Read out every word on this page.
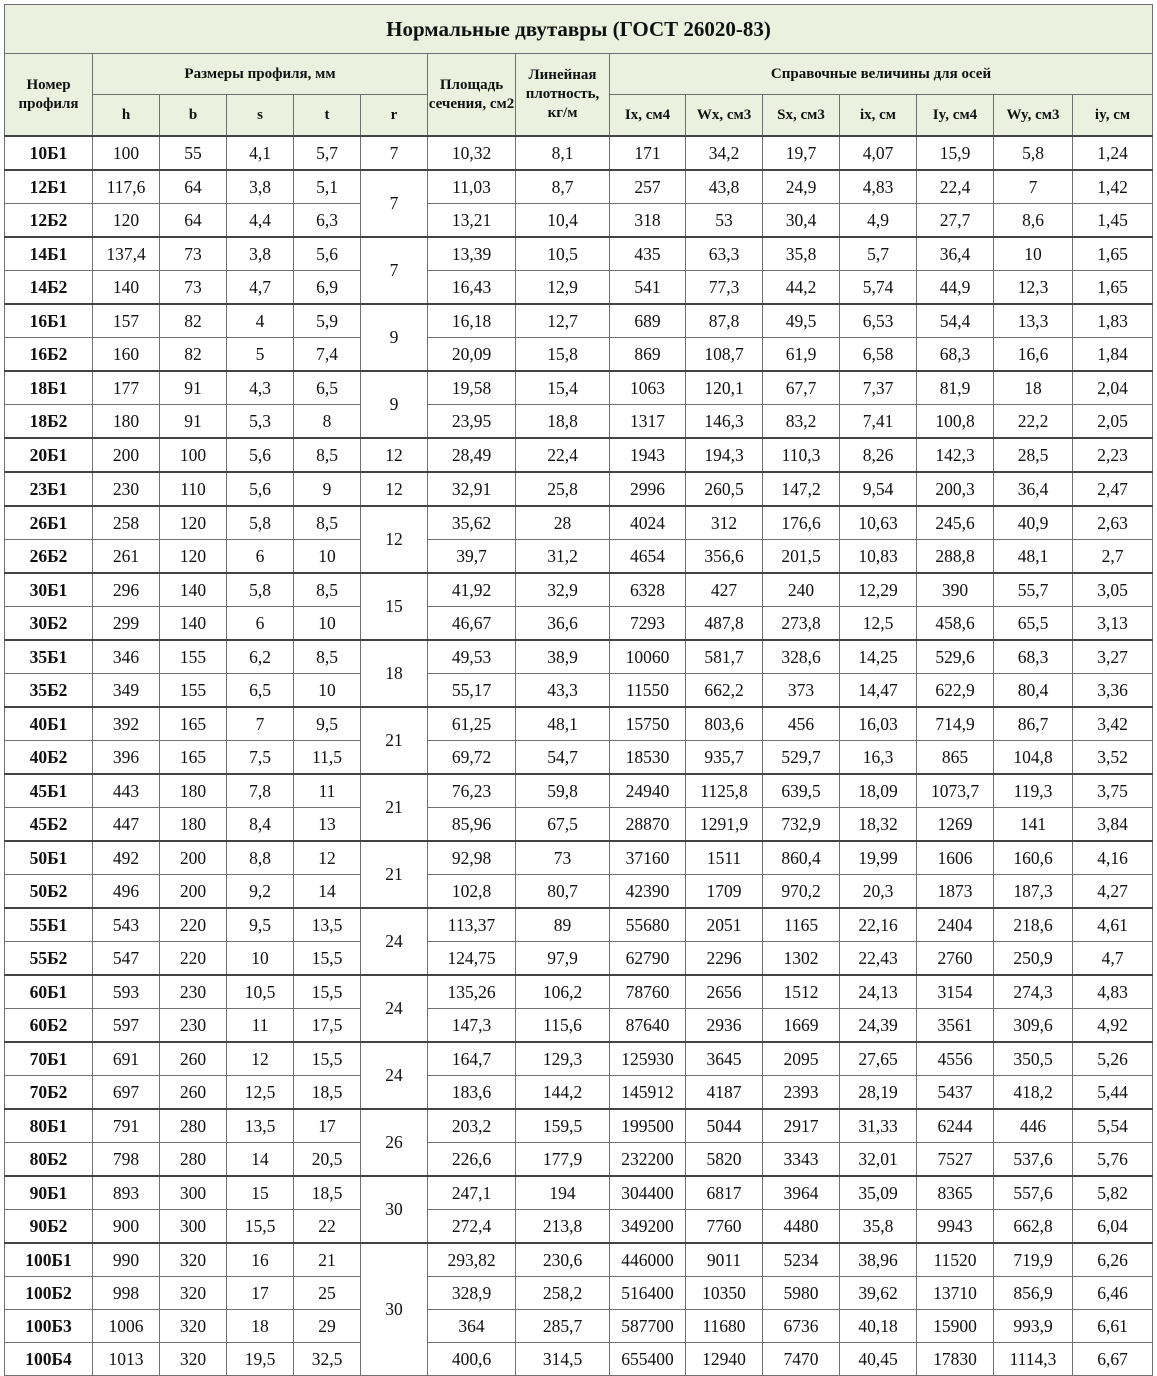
Нормальные двутавры (ГОСТ 26020-83)														
Номер профиля	Размеры профиля, мм					Площадь сечения, см2	Линейная плотность, кг/м	Справочные величины для осей						
	h	b	s	t	r			Ix, см4	Wx, см3	Sx, см3	ix, см	Iy, см4	Wy, см3	iy, см
10Б1	100	55	4,1	5,7	7	10,32	8,1	171	34,2	19,7	4,07	15,9	5,8	1,24
12Б1	117,6	64	3,8	5,1	7	11,03	8,7	257	43,8	24,9	4,83	22,4	7	1,42
12Б2	120	64	4,4	6,3		13,21	10,4	318	53	30,4	4,9	27,7	8,6	1,45
14Б1	137,4	73	3,8	5,6	7	13,39	10,5	435	63,3	35,8	5,7	36,4	10	1,65
14Б2	140	73	4,7	6,9		16,43	12,9	541	77,3	44,2	5,74	44,9	12,3	1,65
16Б1	157	82	4	5,9	9	16,18	12,7	689	87,8	49,5	6,53	54,4	13,3	1,83
16Б2	160	82	5	7,4		20,09	15,8	869	108,7	61,9	6,58	68,3	16,6	1,84
18Б1	177	91	4,3	6,5	9	19,58	15,4	1063	120,1	67,7	7,37	81,9	18	2,04
18Б2	180	91	5,3	8		23,95	18,8	1317	146,3	83,2	7,41	100,8	22,2	2,05
20Б1	200	100	5,6	8,5	12	28,49	22,4	1943	194,3	110,3	8,26	142,3	28,5	2,23
23Б1	230	110	5,6	9	12	32,91	25,8	2996	260,5	147,2	9,54	200,3	36,4	2,47
26Б1	258	120	5,8	8,5	12	35,62	28	4024	312	176,6	10,63	245,6	40,9	2,63
26Б2	261	120	6	10		39,7	31,2	4654	356,6	201,5	10,83	288,8	48,1	2,7
30Б1	296	140	5,8	8,5	15	41,92	32,9	6328	427	240	12,29	390	55,7	3,05
30Б2	299	140	6	10		46,67	36,6	7293	487,8	273,8	12,5	458,6	65,5	3,13
35Б1	346	155	6,2	8,5	18	49,53	38,9	10060	581,7	328,6	14,25	529,6	68,3	3,27
35Б2	349	155	6,5	10		55,17	43,3	11550	662,2	373	14,47	622,9	80,4	3,36
40Б1	392	165	7	9,5	21	61,25	48,1	15750	803,6	456	16,03	714,9	86,7	3,42
40Б2	396	165	7,5	11,5		69,72	54,7	18530	935,7	529,7	16,3	865	104,8	3,52
45Б1	443	180	7,8	11	21	76,23	59,8	24940	1125,8	639,5	18,09	1073,7	119,3	3,75
45Б2	447	180	8,4	13		85,96	67,5	28870	1291,9	732,9	18,32	1269	141	3,84
50Б1	492	200	8,8	12	21	92,98	73	37160	1511	860,4	19,99	1606	160,6	4,16
50Б2	496	200	9,2	14		102,8	80,7	42390	1709	970,2	20,3	1873	187,3	4,27
55Б1	543	220	9,5	13,5	24	113,37	89	55680	2051	1165	22,16	2404	218,6	4,61
55Б2	547	220	10	15,5		124,75	97,9	62790	2296	1302	22,43	2760	250,9	4,7
60Б1	593	230	10,5	15,5	24	135,26	106,2	78760	2656	1512	24,13	3154	274,3	4,83
60Б2	597	230	11	17,5		147,3	115,6	87640	2936	1669	24,39	3561	309,6	4,92
70Б1	691	260	12	15,5	24	164,7	129,3	125930	3645	2095	27,65	4556	350,5	5,26
70Б2	697	260	12,5	18,5		183,6	144,2	145912	4187	2393	28,19	5437	418,2	5,44
80Б1	791	280	13,5	17	26	203,2	159,5	199500	5044	2917	31,33	6244	446	5,54
80Б2	798	280	14	20,5		226,6	177,9	232200	5820	3343	32,01	7527	537,6	5,76
90Б1	893	300	15	18,5	30	247,1	194	304400	6817	3964	35,09	8365	557,6	5,82
90Б2	900	300	15,5	22		272,4	213,8	349200	7760	4480	35,8	9943	662,8	6,04
100Б1	990	320	16	21	30	293,82	230,6	446000	9011	5234	38,96	11520	719,9	6,26
100Б2	998	320	17	25		328,9	258,2	516400	10350	5980	39,62	13710	856,9	6,46
100Б3	1006	320	18	29		364	285,7	587700	11680	6736	40,18	15900	993,9	6,61
100Б4	1013	320	19,5	32,5		400,6	314,5	655400	12940	7470	40,45	17830	1114,3	6,67
